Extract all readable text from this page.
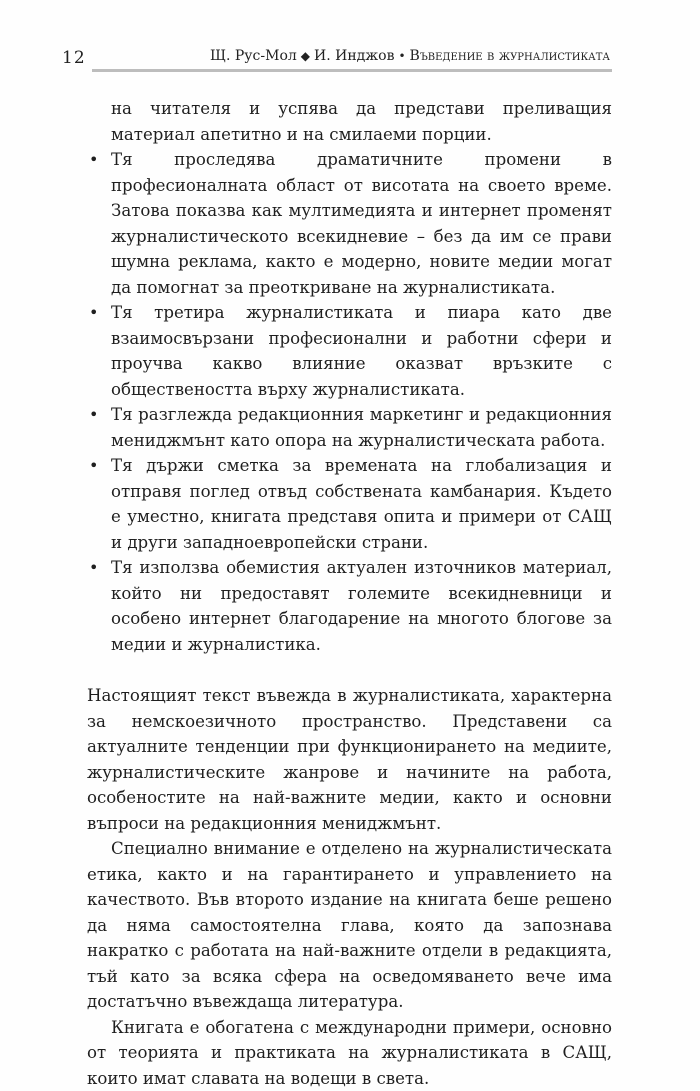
12	Щ. Рус-Мол ◆ И. Инджов • Въведение в журналистиката

на читателя и успява да представи преливащия материал апетитно и на смилаеми порции.

• Тя проследява драматичните промени в професионалната област от висотата на своето време. Затова показва как мултимедията и интернет променят журналистическото всекидневие – без да им се прави шумна реклама, както е модерно, новите медии могат да помогнат за преоткриване на журналистиката.
• Тя третира журналистиката и пиара като две взаимосвързани професионални и работни сфери и проучва какво влияние оказват връзките с обществеността върху журналистиката.
• Тя разглежда редакционния маркетинг и редакционния мениджмънт като опора на журналистическата работа.
• Тя държи сметка за времената на глобализация и отправя поглед отвъд собствената камбанария. Където е уместно, книгата представя опита и примери от САЩ и други западноевропейски страни.
• Тя използва обемистия актуален източников материал, който ни предоставят големите всекидневници и особено интернет благодарение на многото блогове за медии и журналистика.

Настоящият текст въвежда в журналистиката, характерна за немскоезичното пространство. Представени са актуалните тенденции при функционирането на медиите, журналистическите жанрове и начините на работа, особеностите на най-важните медии, както и основни въпроси на редакционния мениджмънт.

Специално внимание е отделено на журналистическата етика, както и на гарантирането и управлението на качеството. Във второто издание на книгата беше решено да няма самостоятелна глава, която да запознава накратко с работата на най-важните отдели в редакцията, тъй като за всяка сфера на осведомяването вече има достатъчно въвеждаща литература.

Книгата е обогатена с международни примери, основно от теорията и практиката на журналистиката в САЩ, които имат славата на водещи в света.
